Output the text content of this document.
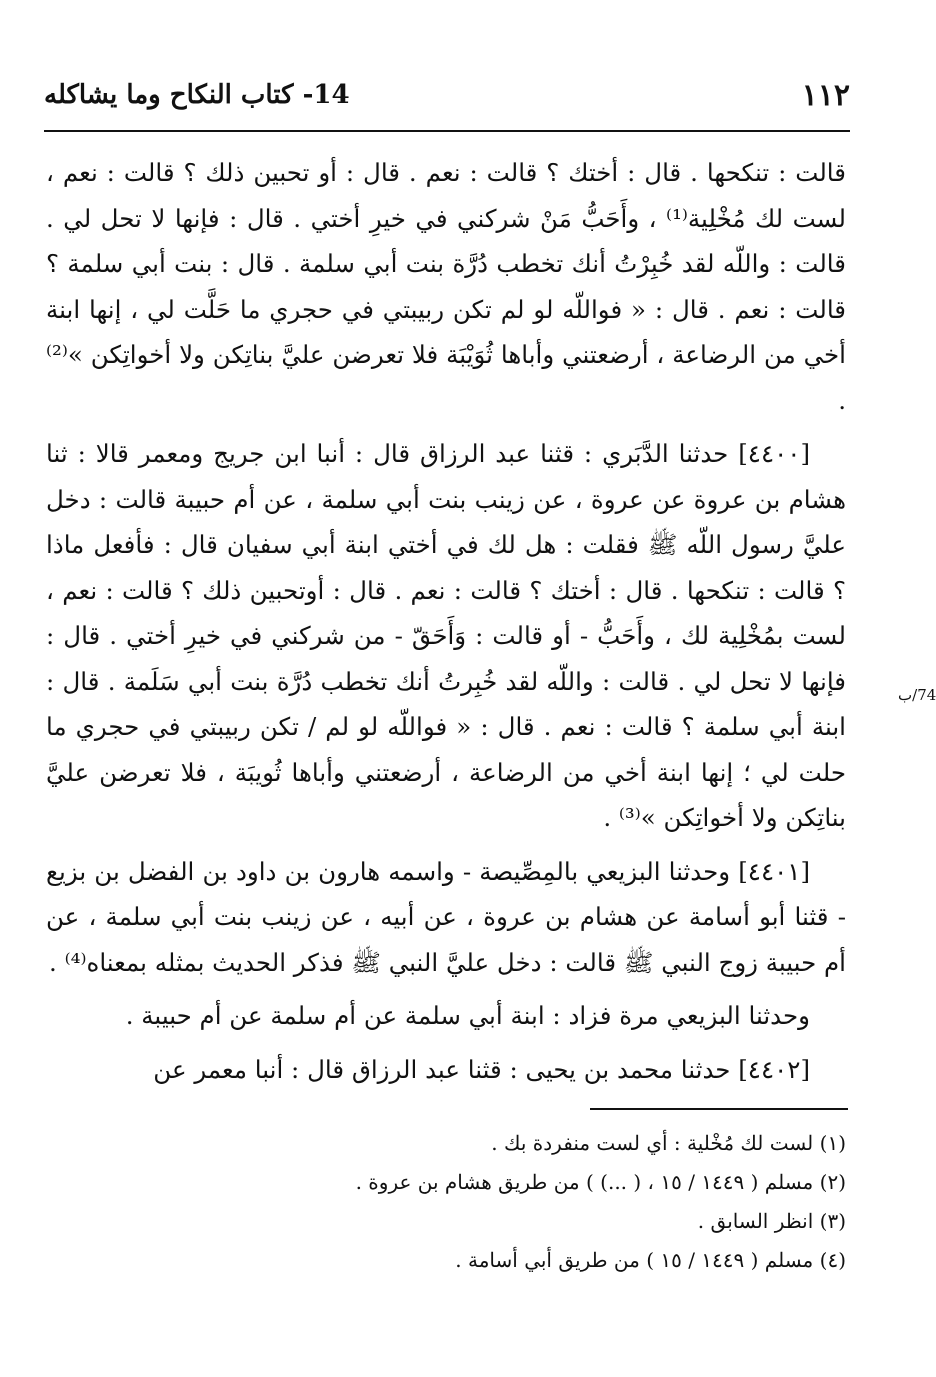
١١٢
14- كتاب النكاح وما يشاكله

قالت : تنكحها . قال : أختك ؟ قالت : نعم . قال : أو تحبين ذلك ؟ قالت : نعم ، لست لك مُخْلِية⁽¹⁾ ، وأَحَبُّ مَنْ شركني في خيرِ أختي . قال : فإنها لا تحل لي . قالت : واللّه لقد خُبِرْتُ أنك تخطب دُرَّة بنت أبي سلمة . قال : بنت أبي سلمة ؟ قالت : نعم . قال : « فواللّه لو لم تكن ربيبتي في حجري ما حَلَّت لي ، إنها ابنة أخي من الرضاعة ، أرضعتني وأباها ثُوَيْبَة فلا تعرضن عليَّ بناتِكن ولا أخواتِكن »⁽²⁾ .

[٤٤٠٠] حدثنا الدَّبَري : قثنا عبد الرزاق قال : أنبا ابن جريج ومعمر قالا : ثنا هشام بن عروة عن عروة ، عن زينب بنت أبي سلمة ، عن أم حبيبة قالت : دخل عليَّ رسول اللّه ﷺ فقلت : هل لك في أختي ابنة أبي سفيان قال : فأفعل ماذا ؟ قالت : تنكحها . قال : أختك ؟ قالت : نعم . قال : أوتحبين ذلك ؟ قالت : نعم ، لست بمُخْلِية لك ، وأَحَبُّ - أو قالت : وَأَحَقّ - من شركني في خيرِ أختي . قال : فإنها لا تحل لي . قالت : واللّه لقد خُبِرتُ أنك تخطب دُرَّة بنت أبي سَلَمة . قال : ابنة أبي سلمة ؟ قالت : نعم . قال : « فواللّه لو لم / تكن ربيبتي في حجري ما حلت لي ؛ إنها ابنة أخي من الرضاعة ، أرضعتني وأباها ثُويبَة ، فلا تعرضن عليَّ بناتِكن ولا أخواتِكن »⁽³⁾ .

[٤٤٠١] وحدثنا البزيعي بالمِصِّيصة - واسمه هارون بن داود بن الفضل بن بزيع - قثنا أبو أسامة عن هشام بن عروة ، عن أبيه ، عن زينب بنت أبي سلمة ، عن أم حبيبة زوج النبي ﷺ قالت : دخل عليَّ النبي ﷺ فذكر الحديث بمثله بمعناه⁽⁴⁾ .

وحدثنا البزيعي مرة فزاد : ابنة أبي سلمة عن أم سلمة عن أم حبيبة .

[٤٤٠٢] حدثنا محمد بن يحيى : قثنا عبد الرزاق قال : أنبا معمر عن

74/ب
(١) لست لك مُخْلية : أي لست منفردة بك .
(٢) مسلم ( ١٤٤٩ / ١٥ ، ( ...) ) من طريق هشام بن عروة .
(٣) انظر السابق .
(٤) مسلم ( ١٤٤٩ / ١٥ ) من طريق أبي أسامة .
